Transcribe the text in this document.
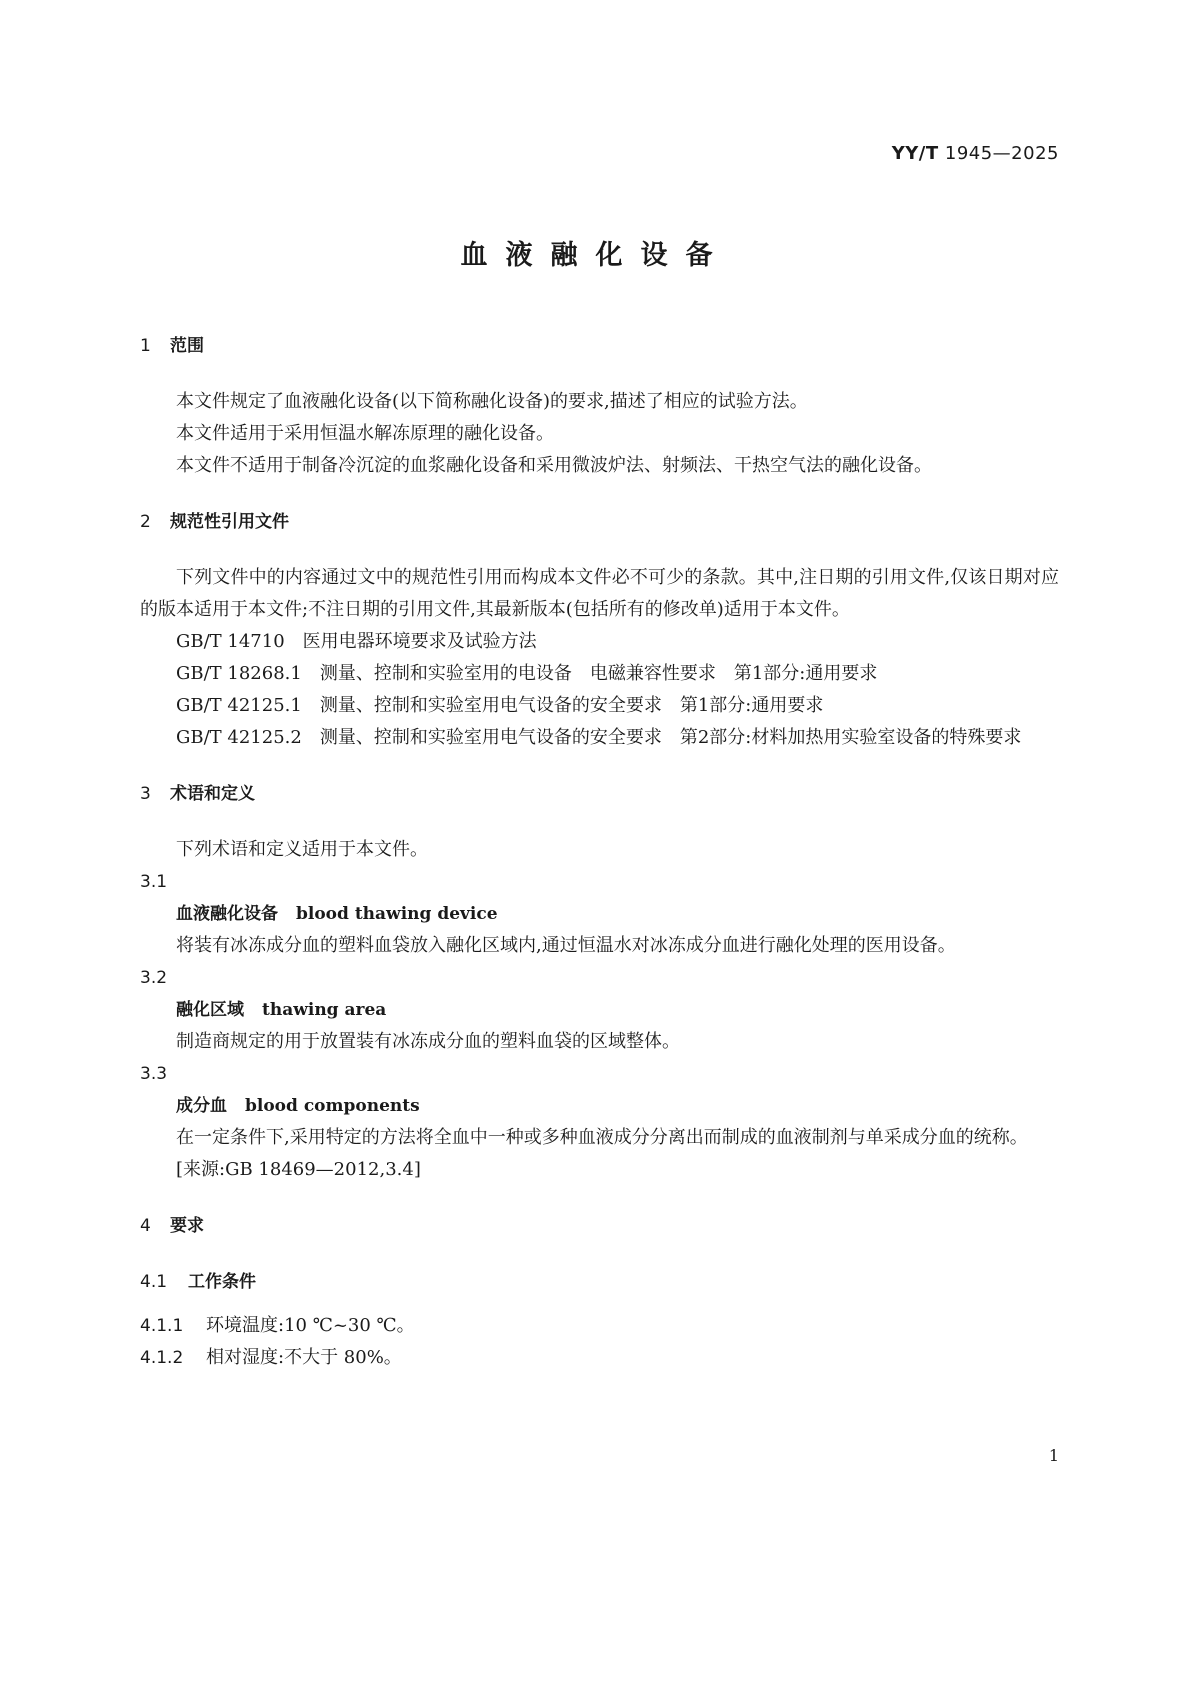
YY/T 1945—2025
血液融化设备
1 范围

本文件规定了血液融化设备(以下简称融化设备)的要求,描述了相应的试验方法。

本文件适用于采用恒温水解冻原理的融化设备。

本文件不适用于制备冷沉淀的血浆融化设备和采用微波炉法、射频法、干热空气法的融化设备。

2 规范性引用文件

下列文件中的内容通过文中的规范性引用而构成本文件必不可少的条款。其中,注日期的引用文件,仅该日期对应的版本适用于本文件;不注日期的引用文件,其最新版本(包括所有的修改单)适用于本文件。

GB/T 14710 医用电器环境要求及试验方法

GB/T 18268.1 测量、控制和实验室用的电设备　电磁兼容性要求　第1部分:通用要求

GB/T 42125.1 测量、控制和实验室用电气设备的安全要求　第1部分:通用要求

GB/T 42125.2 测量、控制和实验室用电气设备的安全要求　第2部分:材料加热用实验室设备的特殊要求

3 术语和定义

下列术语和定义适用于本文件。

3.1
血液融化设备 blood thawing device

将装有冰冻成分血的塑料血袋放入融化区域内,通过恒温水对冰冻成分血进行融化处理的医用设备。

3.2
融化区域 thawing area

制造商规定的用于放置装有冰冻成分血的塑料血袋的区域整体。

3.3
成分血 blood components

在一定条件下,采用特定的方法将全血中一种或多种血液成分分离出而制成的血液制剂与单采成分血的统称。

[来源:GB 18469—2012,3.4]

4 要求
4.1 工作条件

4.1.1 环境温度:10 ℃~30 ℃。

4.1.2 相对湿度:不大于 80%。

1
